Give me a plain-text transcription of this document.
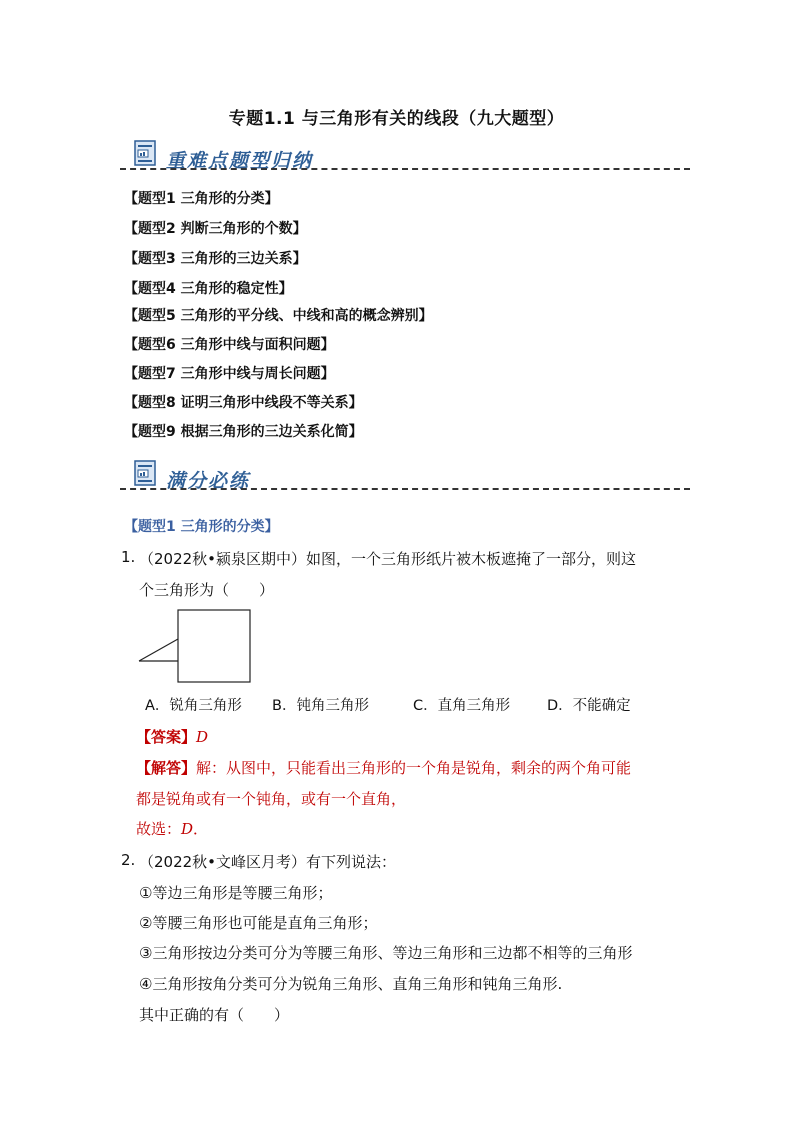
专题1.1 与三角形有关的线段（九大题型）
重难点题型归纳
【题型1 三角形的分类】
【题型2 判断三角形的个数】
【题型3 三角形的三边关系】
【题型4 三角形的稳定性】
【题型5 三角形的平分线、中线和高的概念辨别】
【题型6 三角形中线与面积问题】
【题型7 三角形中线与周长问题】
【题型8 证明三角形中线段不等关系】
【题型9 根据三角形的三边关系化简】
满分必练
【题型1 三角形的分类】
1. （2022秋•颍泉区期中）如图，一个三角形纸片被木板遮掩了一部分，则这
个三角形为（　　）
A．锐角三角形 B．钝角三角形	C．直角三角形	D．不能确定
【答案】D
【解答】解：从图中，只能看出三角形的一个角是锐角，剩余的两个角可能
都是锐角或有一个钝角，或有一个直角，
故选：D．
2. （2022秋•文峰区月考）有下列说法：
①等边三角形是等腰三角形；
②等腰三角形也可能是直角三角形；
③三角形按边分类可分为等腰三角形、等边三角形和三边都不相等的三角形
④三角形按角分类可分为锐角三角形、直角三角形和钝角三角形.
其中正确的有（　　）
